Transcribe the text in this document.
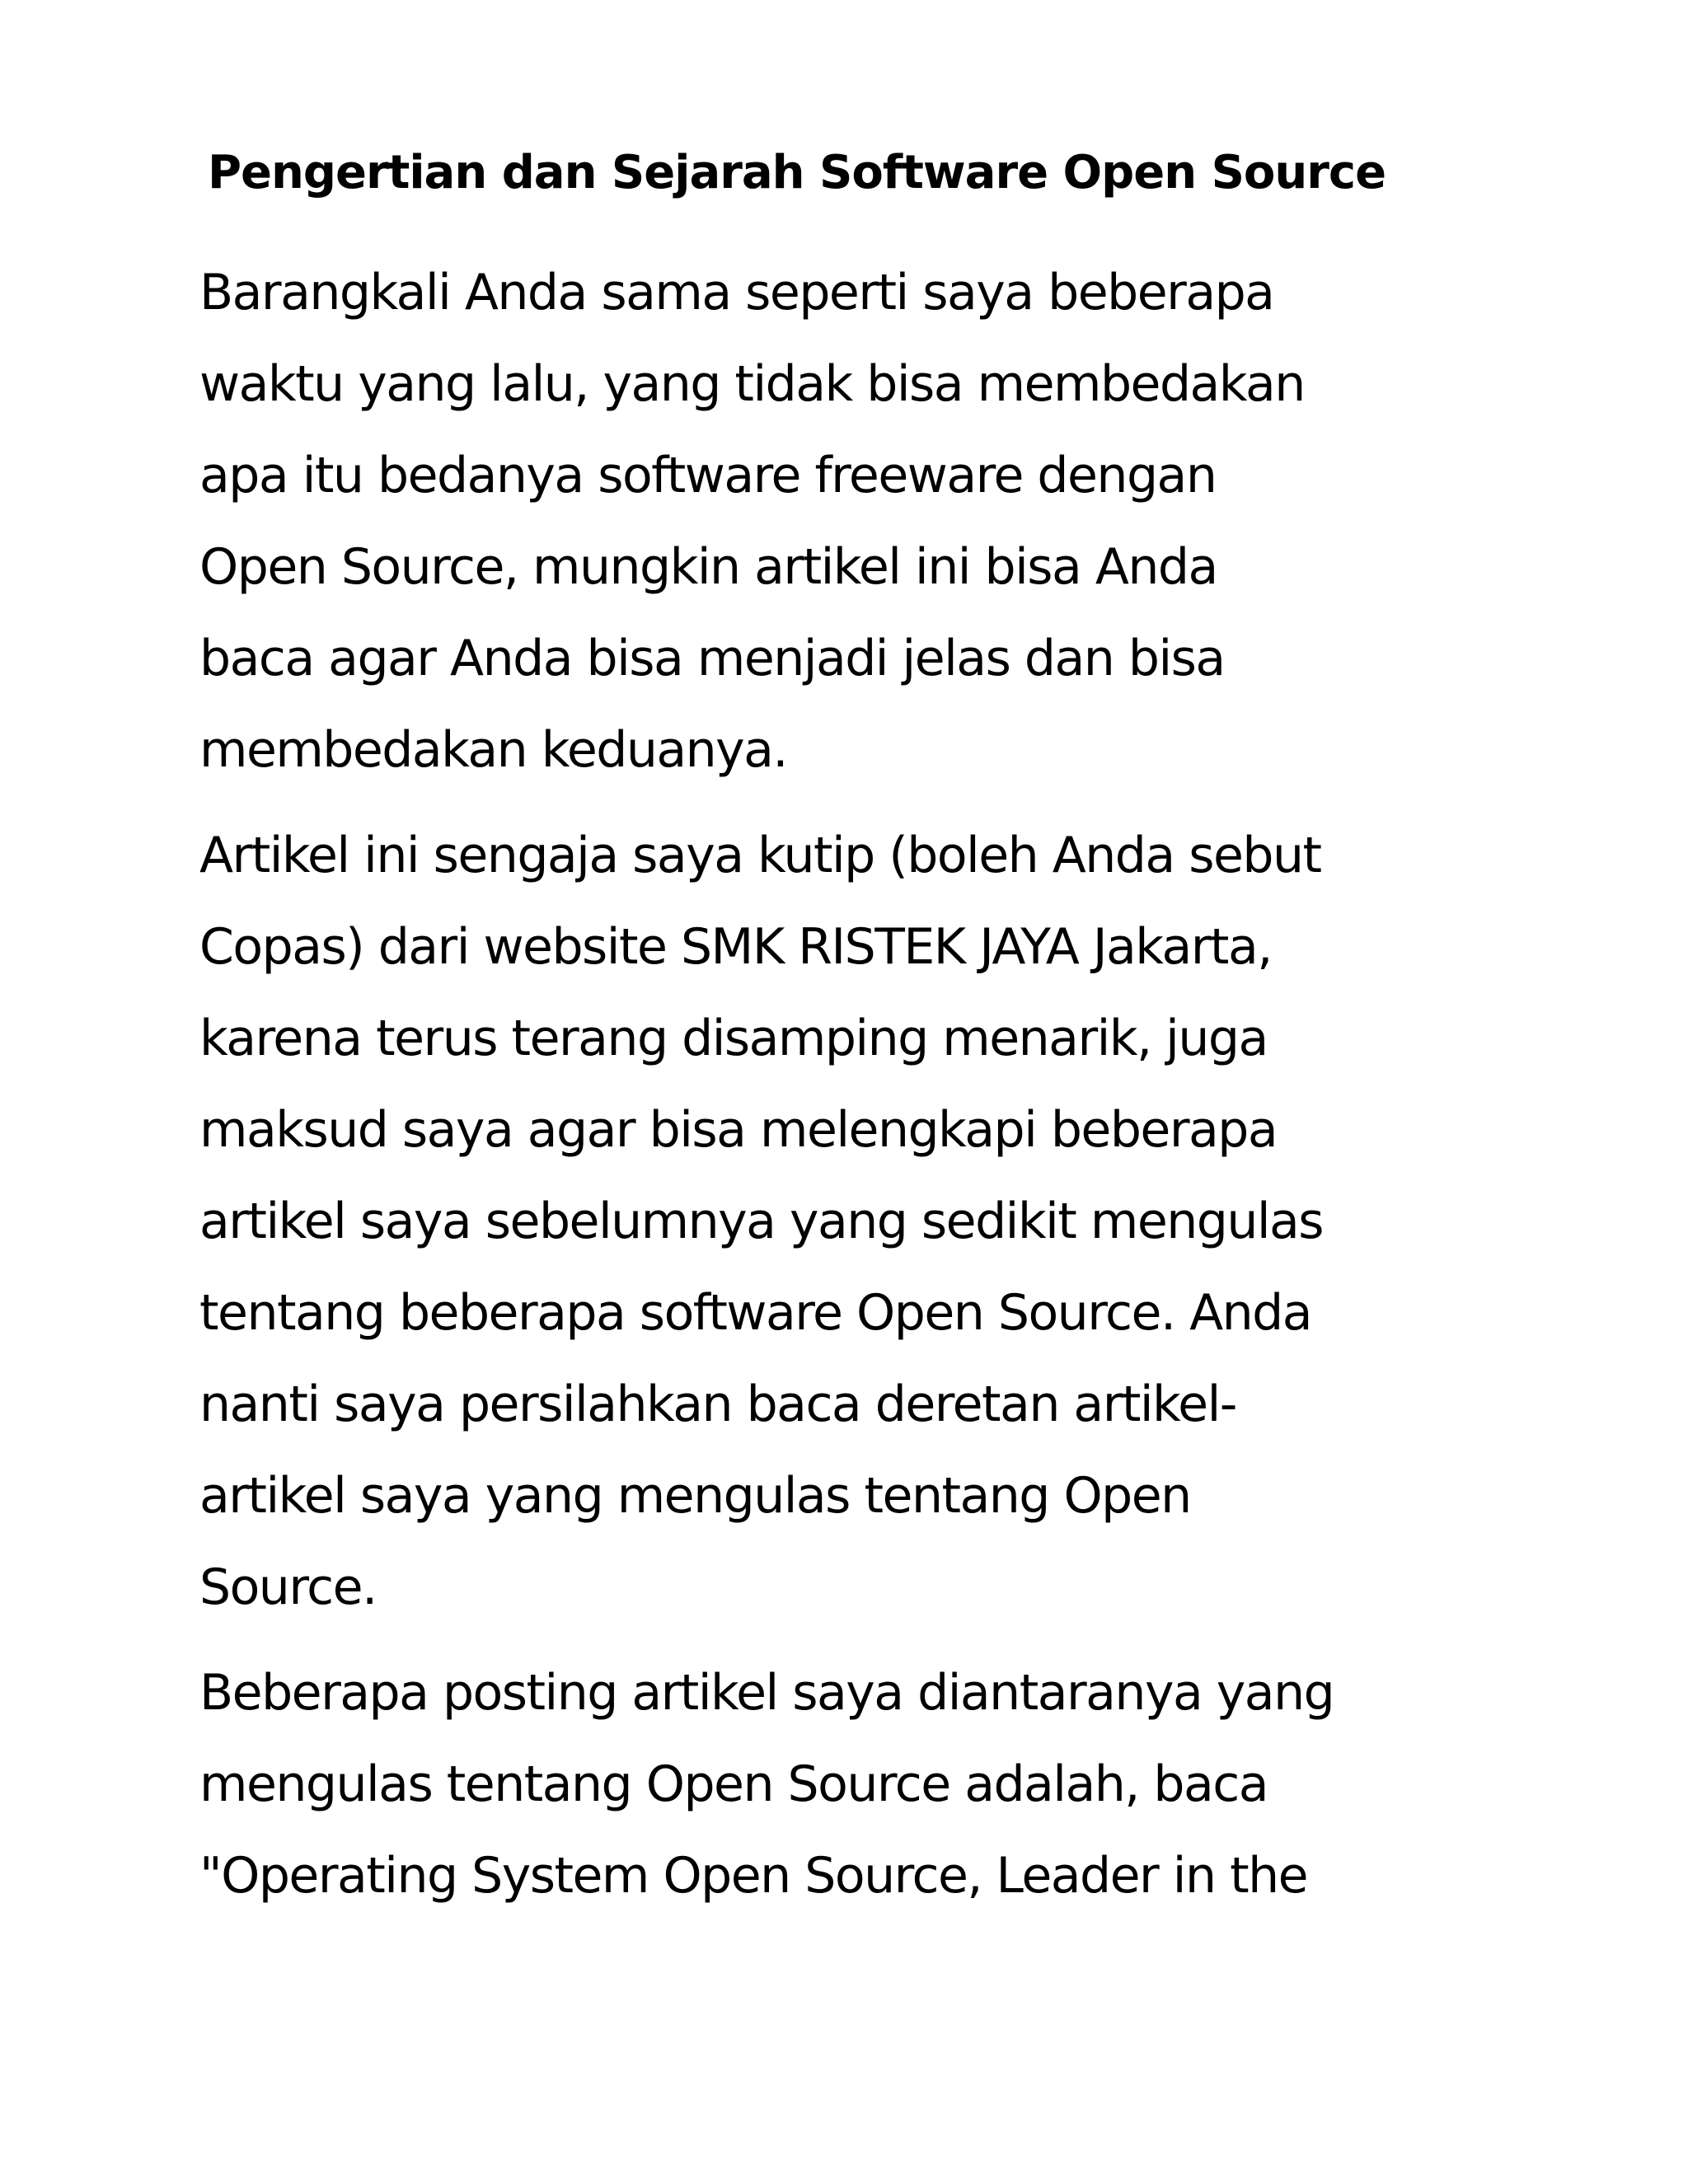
Pengertian dan Sejarah Software Open Source

Barangkali Anda sama seperti saya beberapa
waktu yang lalu, yang tidak bisa membedakan
apa itu bedanya software freeware dengan
Open Source, mungkin artikel ini bisa Anda
baca agar Anda bisa menjadi jelas dan bisa
membedakan keduanya.

Artikel ini sengaja saya kutip (boleh Anda sebut
Copas) dari website SMK RISTEK JAYA Jakarta,
karena terus terang disamping menarik, juga
maksud saya agar bisa melengkapi beberapa
artikel saya sebelumnya yang sedikit mengulas
tentang beberapa software Open Source. Anda
nanti saya persilahkan baca deretan artikel-
artikel saya yang mengulas tentang Open
Source.

Beberapa posting artikel saya diantaranya yang
mengulas tentang Open Source adalah, baca
"Operating System Open Source, Leader in the
